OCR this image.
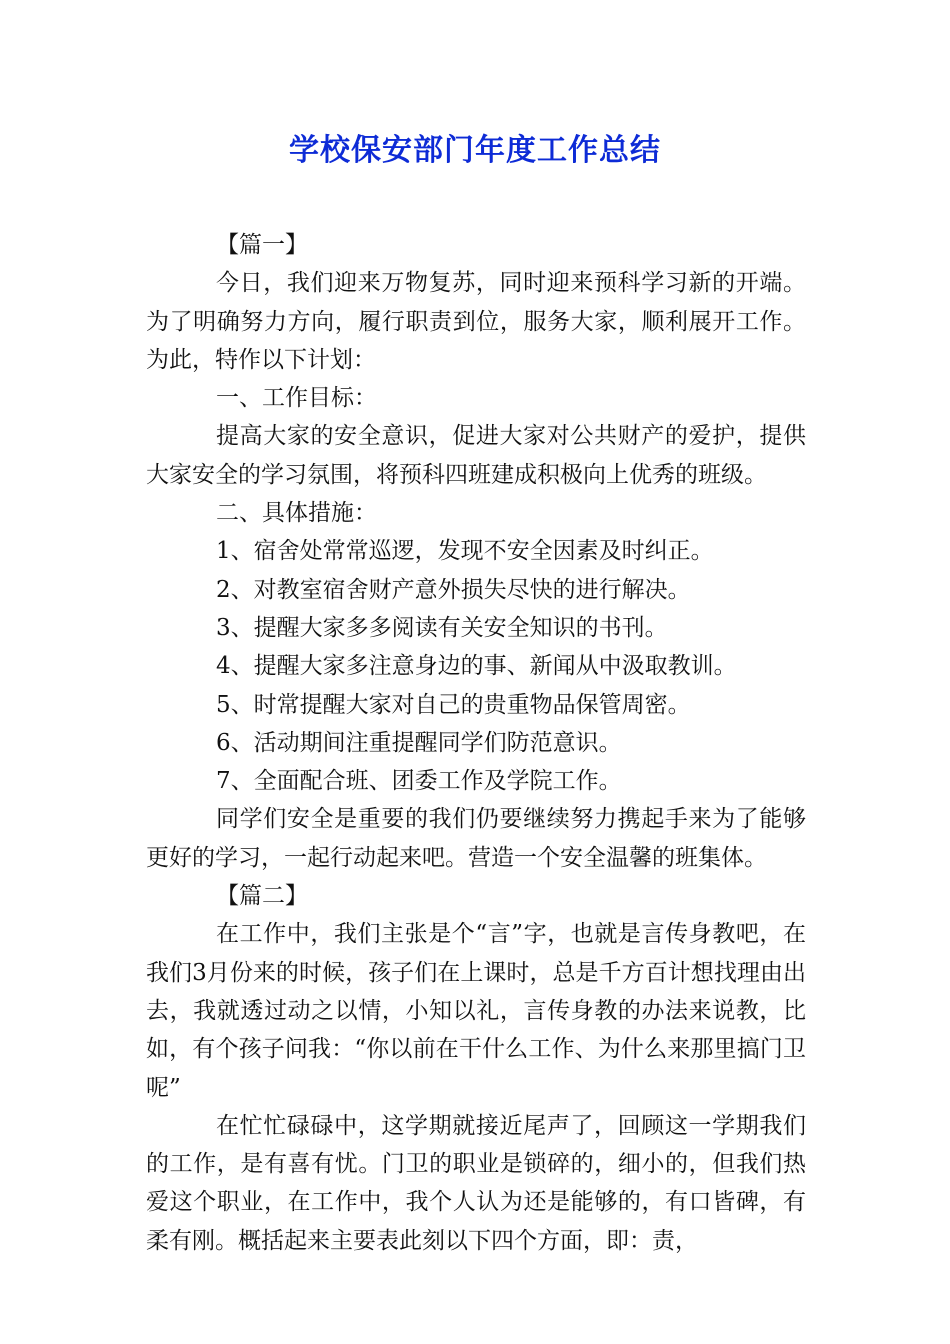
学校保安部门年度工作总结

【篇一】

今日，我们迎来万物复苏，同时迎来预科学习新的开端。为了明确努力方向，履行职责到位，服务大家，顺利展开工作。为此，特作以下计划：

一、工作目标：

提高大家的安全意识，促进大家对公共财产的爱护，提供大家安全的学习氛围，将预科四班建成积极向上优秀的班级。

二、具体措施：

1、宿舍处常常巡逻，发现不安全因素及时纠正。

2、对教室宿舍财产意外损失尽快的进行解决。

3、提醒大家多多阅读有关安全知识的书刊。

4、提醒大家多注意身边的事、新闻从中汲取教训。

5、时常提醒大家对自己的贵重物品保管周密。

6、活动期间注重提醒同学们防范意识。

7、全面配合班、团委工作及学院工作。

同学们安全是重要的我们仍要继续努力携起手来为了能够更好的学习，一起行动起来吧。营造一个安全温馨的班集体。

【篇二】

在工作中，我们主张是个“言”字，也就是言传身教吧，在我们3月份来的时候，孩子们在上课时，总是千方百计想找理由出去，我就透过动之以情，小知以礼，言传身教的办法来说教，比如，有个孩子问我：“你以前在干什么工作、为什么来那里搞门卫呢”

在忙忙碌碌中，这学期就接近尾声了，回顾这一学期我们的工作，是有喜有忧。门卫的职业是锁碎的，细小的，但我们热爱这个职业，在工作中，我个人认为还是能够的，有口皆碑，有柔有刚。概括起来主要表此刻以下四个方面，即：责，
